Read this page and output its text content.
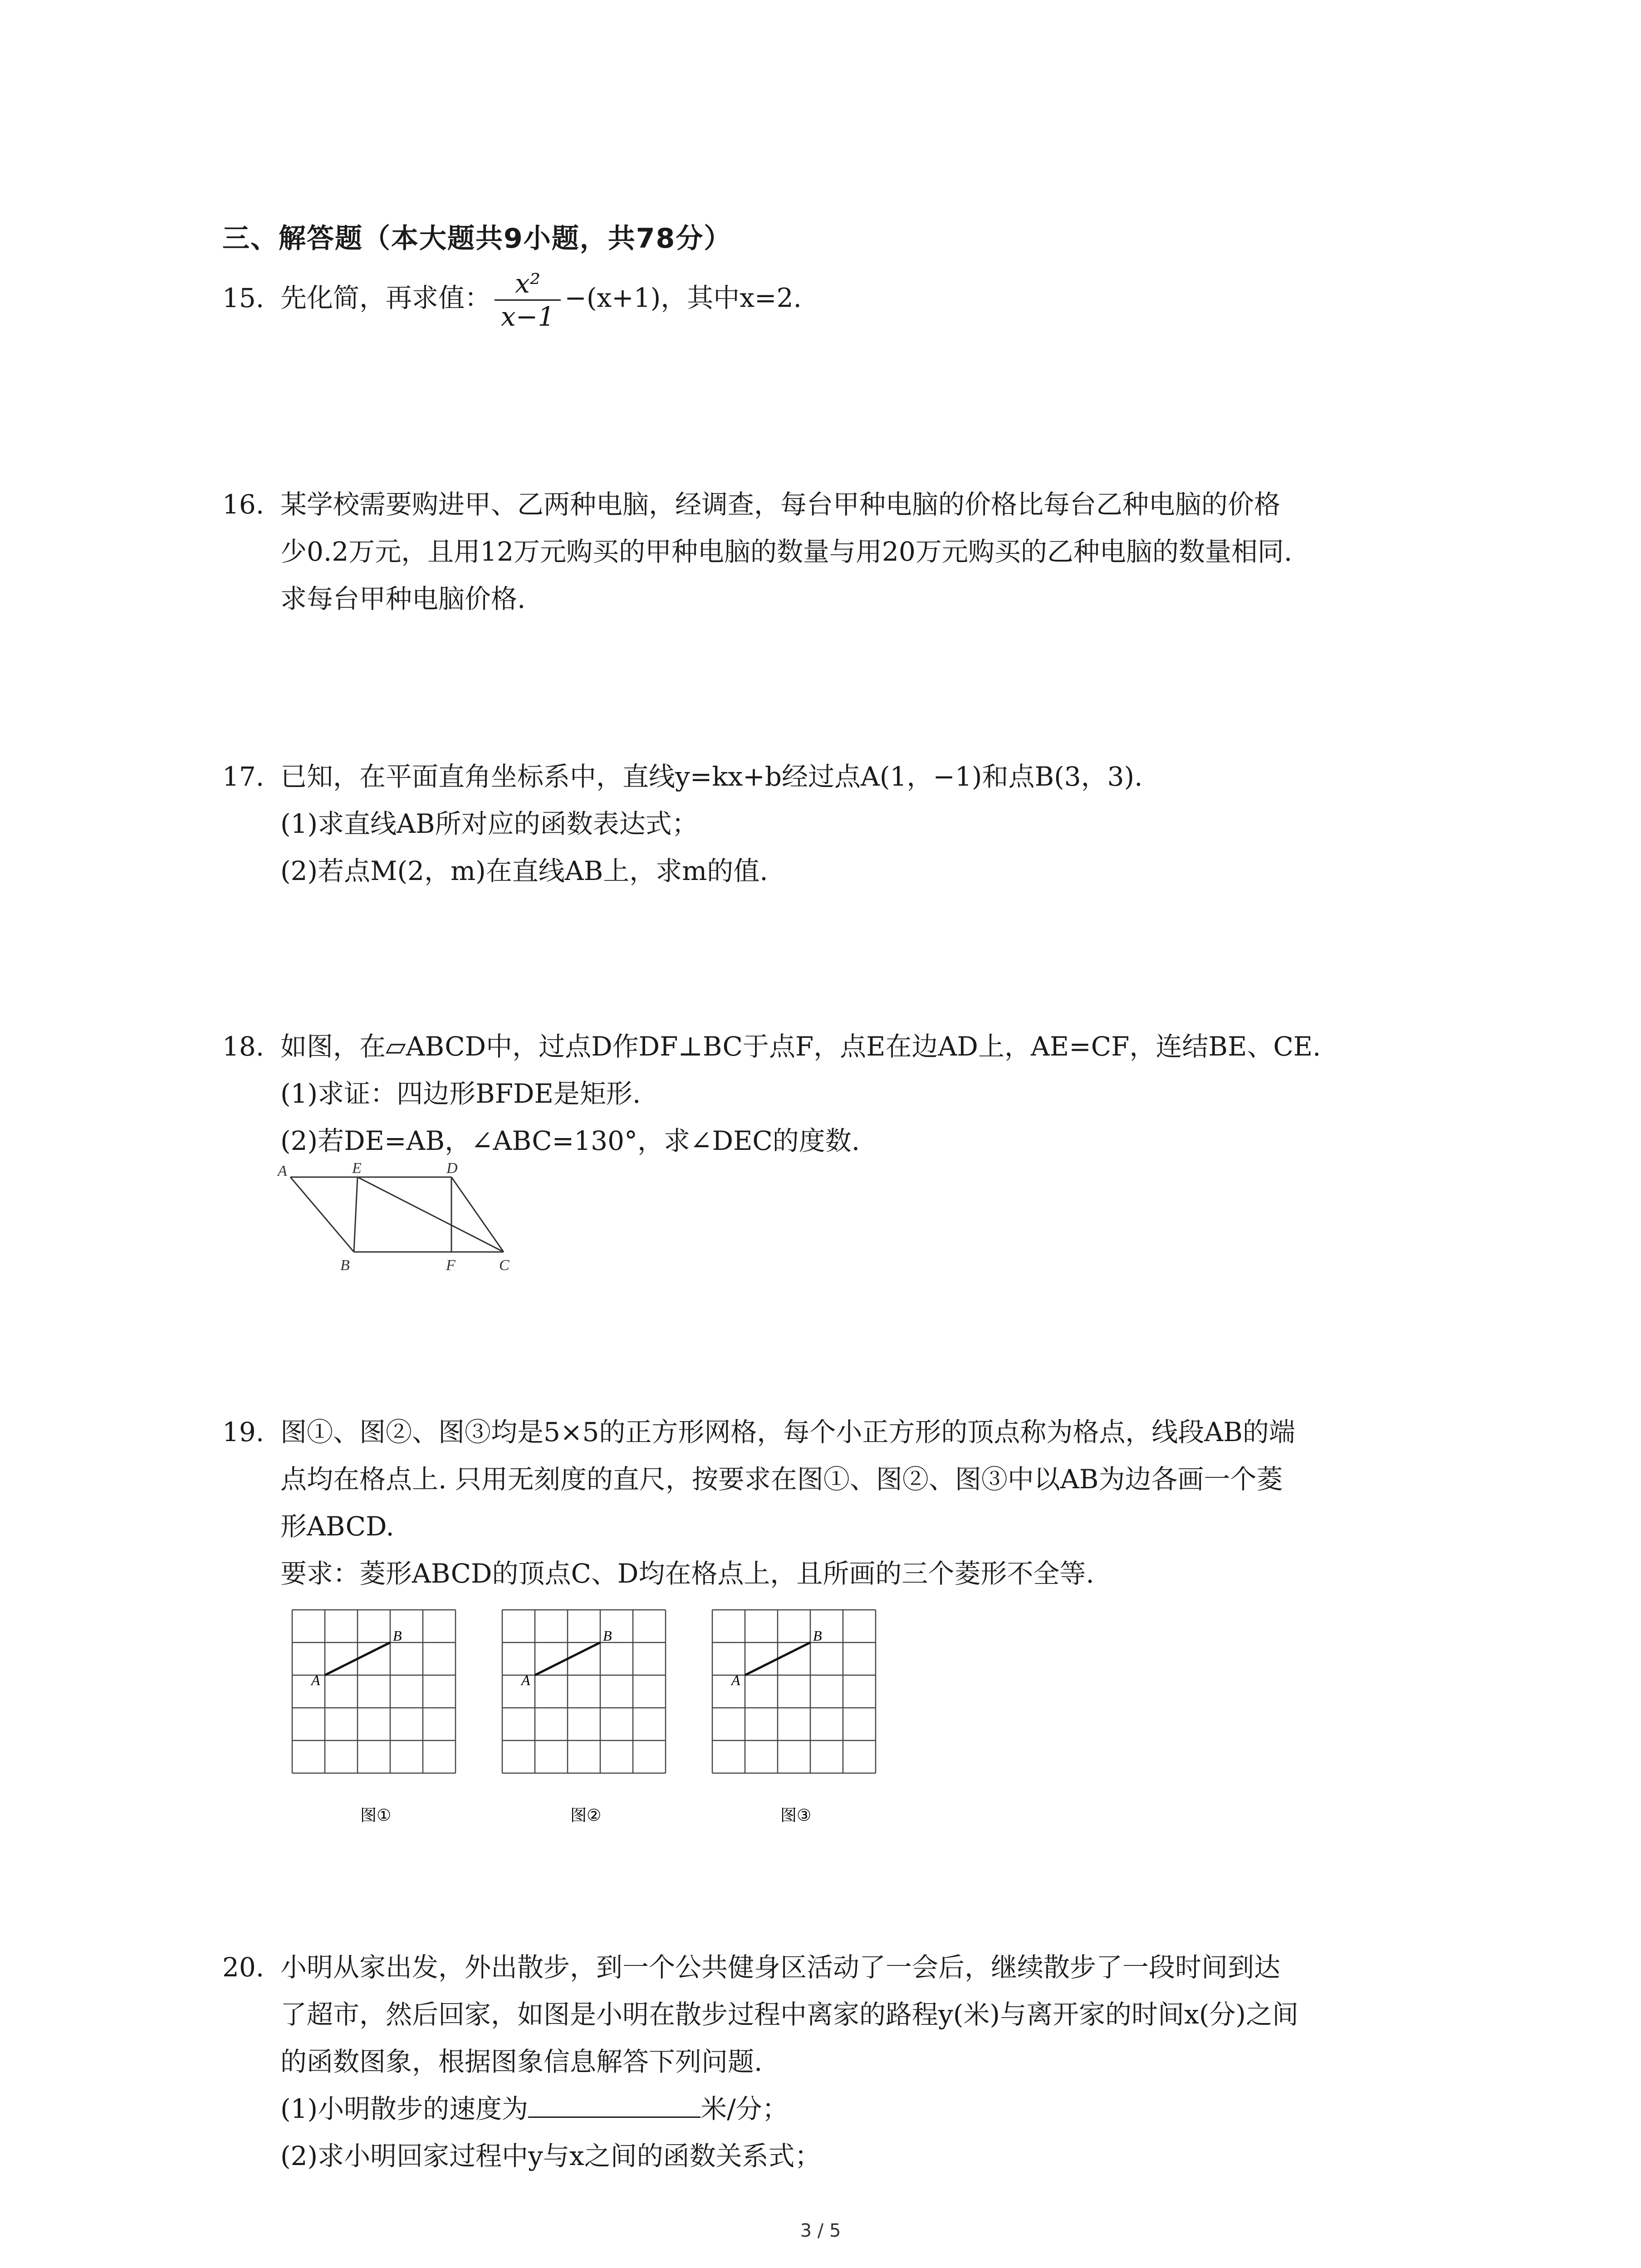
三、解答题（本大题共9小题，共78分）
15. 先化简，再求值： $\frac{\text{x²}}{x-1} -(x+1)$，其中x=2.
16. 某学校需要购进甲、乙两种电脑，经调查，每台甲种电脑的价格比每台乙种电脑的价格
少0.2万元，且用12万元购买的甲种电脑的数量与用20万元购买的乙种电脑的数量相同.
求每台甲种电脑价格.
17. 已知，在平面直角坐标系中，直线y=kx+b经过点A(1，−1)和点B(3，3).
(1)求直线AB所对应的函数表达式；
(2)若点M(2，m)在直线AB上，求m的值.
18. 如图，在▱ABCD中，过点D作DF⊥BC于点F，点E在边AD上，AE=CF，连结BE、CE.
(1)求证：四边形BFDE是矩形.
(2)若DE=AB，∠ABC=130°，求∠DEC的度数.
A	E	D
B	F	C
19. 图①、图②、图③均是5×5的正方形网格，每个小正方形的顶点称为格点，线段AB的端
点均在格点上. 只用无刻度的直尺，按要求在图①、图②、图③中以AB为边各画一个菱
形ABCD.
要求：菱形ABCD的顶点C、D均在格点上，且所画的三个菱形不全等.
A
B
图①
A
B
图②
A
B
图③
20. 小明从家出发，外出散步，到一个公共健身区活动了一会后，继续散步了一段时间到达
了超市，然后回家，如图是小明在散步过程中离家的路程y(米)与离开家的时间x(分)之间
的函数图象，根据图象信息解答下列问题.
(1)小明散步的速度为	米/分；
(2)求小明回家过程中y与x之间的函数关系式；
3 / 5
